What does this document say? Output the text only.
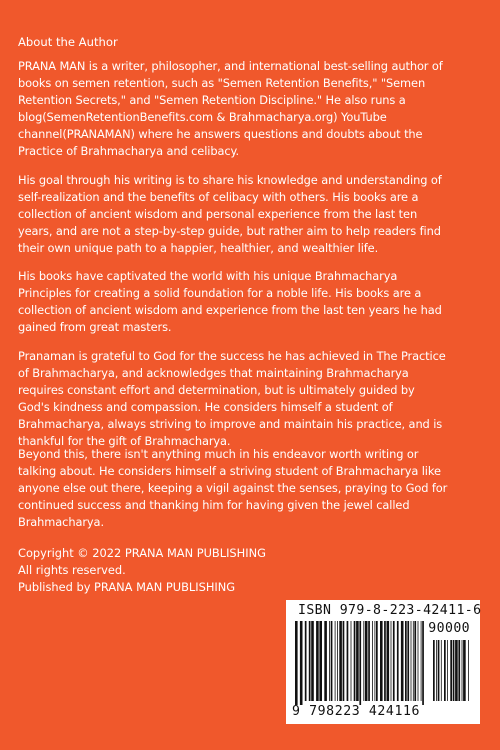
About the Author

PRANA MAN is a writer, philosopher, and international best-selling author of
books on semen retention, such as "Semen Retention Benefits," "Semen
Retention Secrets," and "Semen Retention Discipline." He also runs a
blog(SemenRetentionBenefits.com & Brahmacharya.org) YouTube
channel(PRANAMAN) where he answers questions and doubts about the
Practice of Brahmacharya and celibacy.

His goal through his writing is to share his knowledge and understanding of
self-realization and the benefits of celibacy with others. His books are a
collection of ancient wisdom and personal experience from the last ten
years, and are not a step-by-step guide, but rather aim to help readers find
their own unique path to a happier, healthier, and wealthier life.

His books have captivated the world with his unique Brahmacharya
Principles for creating a solid foundation for a noble life. His books are a
collection of ancient wisdom and experience from the last ten years he had
gained from great masters.

Pranaman is grateful to God for the success he has achieved in The Practice
of Brahmacharya, and acknowledges that maintaining Brahmacharya
requires constant effort and determination, but is ultimately guided by
God's kindness and compassion. He considers himself a student of
Brahmacharya, always striving to improve and maintain his practice, and is
thankful for the gift of Brahmacharya.

Beyond this, there isn't anything much in his endeavor worth writing or
talking about. He considers himself a striving student of Brahmacharya like
anyone else out there, keeping a vigil against the senses, praying to God for
continued success and thanking him for having given the jewel called
Brahmacharya.

Copyright © 2022 PRANA MAN PUBLISHING
All rights reserved.
Published by PRANA MAN PUBLISHING
ISBN 979-8-223-42411-6
90000
9 798223 424116
